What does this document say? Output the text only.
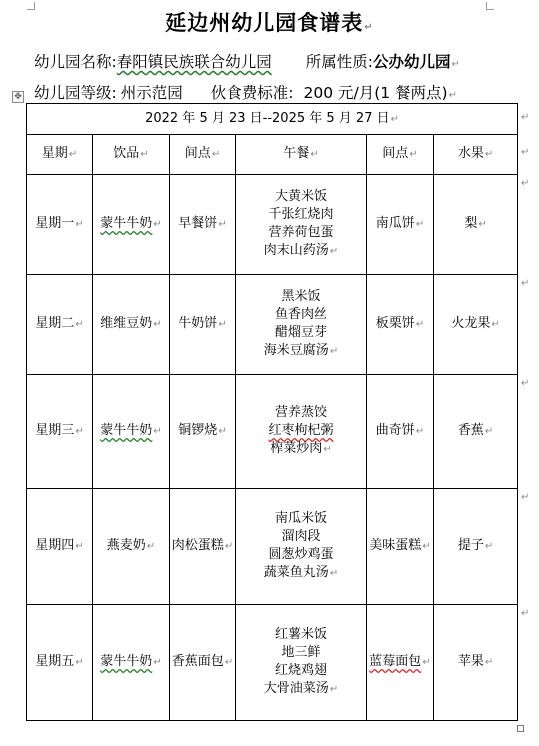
延边州幼儿园食谱表↵
幼儿园名称:春阳镇民族联合幼儿园 所属性质:公办幼儿园↵
幼儿园等级: 州示范园 伙食费标准: 200 元/月(1 餐两点)↵
✥
2022 年 5 月 23 日--2025 年 5 月 27 日↵					
星期↵	饮品↵	间点↵	午餐↵	间点↵	水果↵
星期一↵	蒙牛牛奶↵	早餐饼↵	大黄米饭
千张红烧肉
营养荷包蛋
肉末山药汤↵	南瓜饼↵	梨↵
星期二↵	维维豆奶↵	牛奶饼↵	黑米饭
鱼香肉丝
醋熘豆芽
海米豆腐汤↵	板栗饼↵	火龙果↵
星期三↵	蒙牛牛奶↵	铜锣烧↵	营养蒸饺
红枣枸杞粥
榨菜炒肉↵	曲奇饼↵	香蕉↵
星期四↵	燕麦奶↵	肉松蛋糕↵	南瓜米饭
溜肉段
圆葱炒鸡蛋
蔬菜鱼丸汤↵	美味蛋糕↵	提子↵
星期五↵	蒙牛牛奶↵	香蕉面包↵	红薯米饭
地三鲜
红烧鸡翅
大骨油菜汤↵	蓝莓面包↵	苹果↵
↵
↵
↵
↵
↵
↵
↵
